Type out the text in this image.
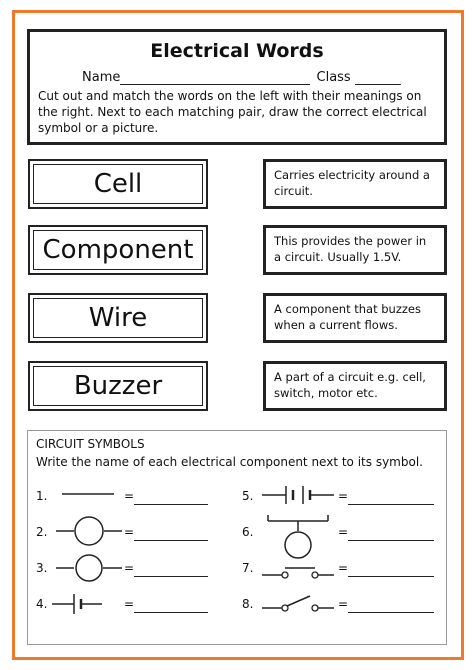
Electrical Words
Name	Class
Cut out and match the words on the left with their meanings on the right. Next to each matching pair, draw the correct electrical symbol or a picture.
Cell
Component
Wire
Buzzer
Carries electricity around a circuit.
This provides the power in a circuit. Usually 1.5V.
A component that buzzes when a current flows.
A part of a circuit e.g. cell, switch, motor etc.
CIRCUIT SYMBOLS
Write the name of each electrical component next to its symbol.
1.	=	5.	=
2.	=	6.	=
3.	=	7.	=
4.	=	8.	=
